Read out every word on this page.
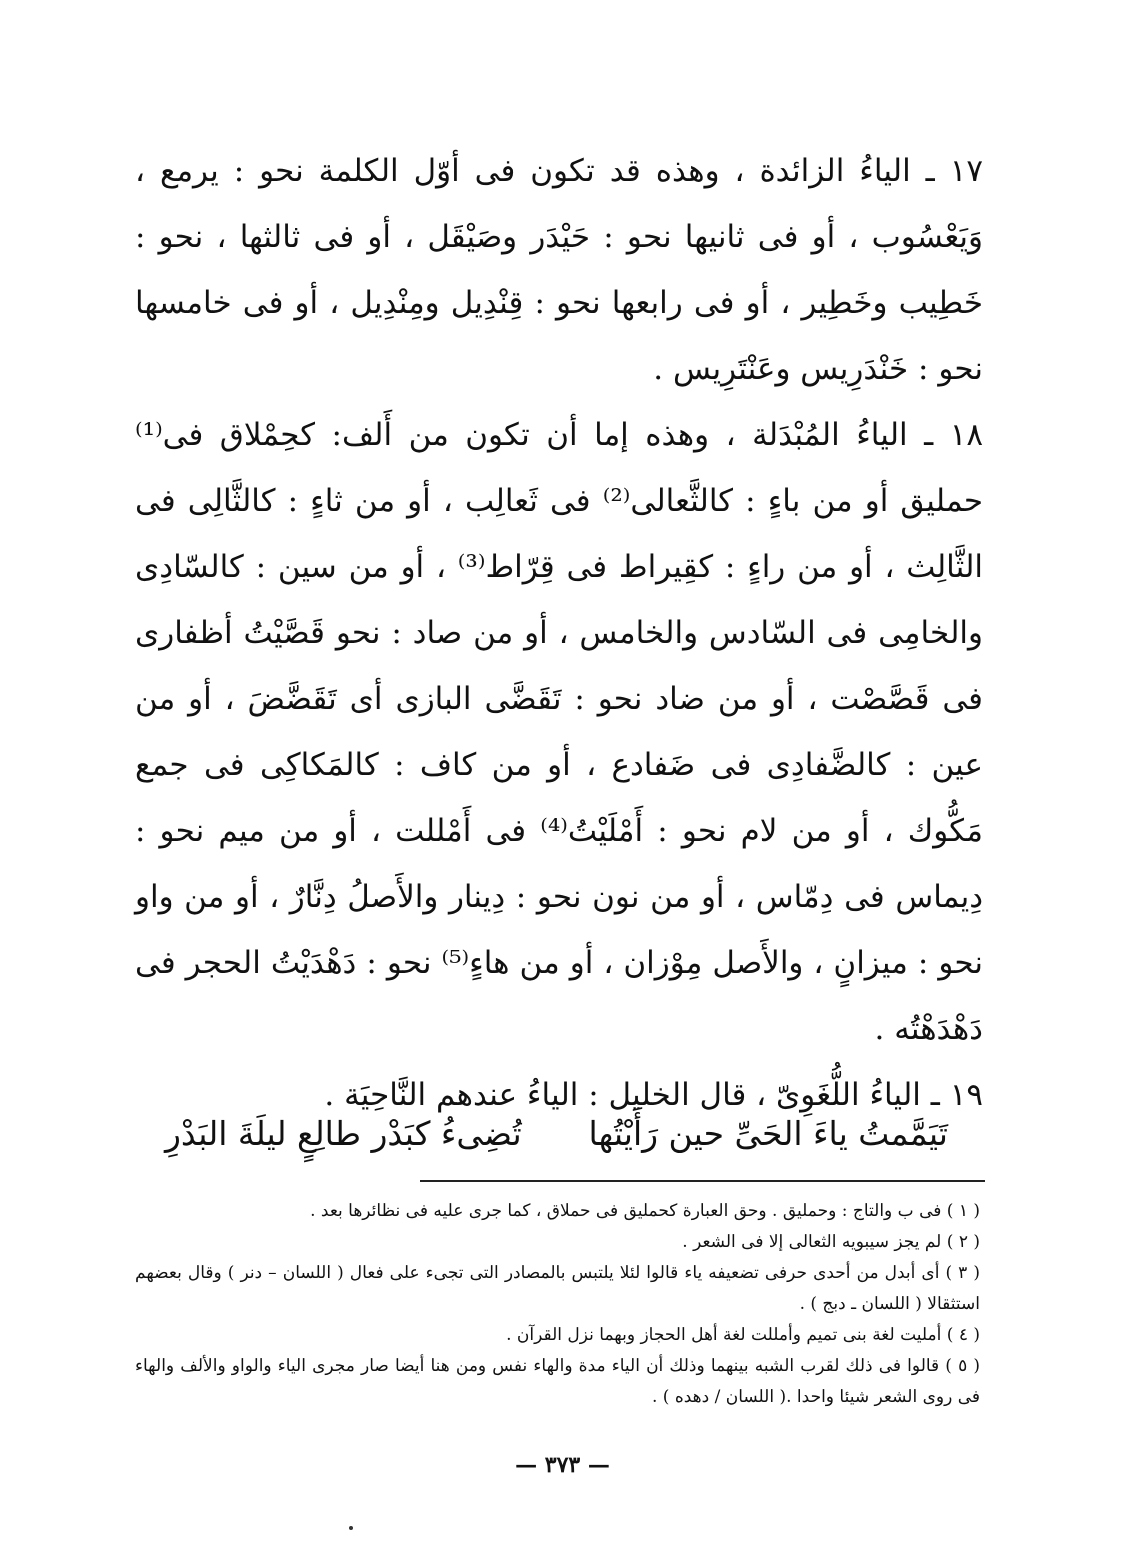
١٧ ـ الياءُ الزائدة ، وهذه قد تكون فى أوّل الكلمة نحو : يرمع ، وَيَعْسُوب ، أو فى ثانيها نحو : حَيْدَر وصَيْقَل ، أو فى ثالثها ، نحو : خَطِيب وخَطِير ، أو فى رابعها نحو : قِنْدِيل ومِنْدِيل ، أو فى خامسها نحو : خَنْدَرِيس وعَنْتَرِيس .

١٨ ـ الياءُ المُبْدَلة ، وهذه إما أن تكون من أَلف: كحِمْلاق فى⁽¹⁾ حمليق أو من باءٍ : كالثَّعالى⁽²⁾ فى ثَعالِب ، أو من ثاءٍ : كالثَّالِى فى الثَّالِث ، أو من راءٍ : كقِيراط فى قِرّاط⁽³⁾ ، أو من سين : كالسّادِى والخامِى فى السّادس والخامس ، أو من صاد : نحو قَصَّيْتُ أظفارى فى قَصَّصْت ، أو من ضاد نحو : تَقَضَّى البازى أى تَقَضَّضَ ، أو من عين : كالضَّفادِى فى ضَفادع ، أو من كاف : كالمَكاكِى فى جمع مَكُّوك ، أو من لام نحو : أَمْلَيْتُ⁽⁴⁾ فى أَمْللت ، أو من ميم نحو : دِيماس فى دِمّاس ، أو من نون نحو : دِينار والأَصلُ دِنَّارٌ ، أو من واو نحو : ميزانٍ ، والأَصل مِوْزان ، أو من هاءٍ⁽⁵⁾ نحو : دَهْدَيْتُ الحجر فى دَهْدَهْتُه .

١٩ ـ الياءُ اللُّغَوِىّ ، قال الخليل : الياءُ عندهم النَّاحِيَة .

تَيَمَّمتُ ياءَ الحَىِّ حين رَأَيْتُها
تُضِىءُ كبَدْر طالِعٍ ليلَةَ البَدْرِ

( ١ ) فى ب والتاج : وحمليق . وحق العبارة كحمليق فى حملاق ، كما جرى عليه فى نظائرها بعد .

( ٢ ) لم يجز سيبويه الثعالى إلا فى الشعر .

( ٣ ) أى أبدل من أحدى حرفى تضعيفه ياء قالوا لئلا يلتبس بالمصادر التى تجىء على فعال ( اللسان – دنر ) وقال بعضهم استثقالا ( اللسان ـ دبج ) .

( ٤ ) أمليت لغة بنى تميم وأمللت لغة أهل الحجاز وبهما نزل القرآن .

( ٥ ) قالوا فى ذلك لقرب الشبه بينهما وذلك أن الياء مدة والهاء نفس ومن هنا أيضا صار مجرى الياء والواو والألف والهاء فى روى الشعر شيئا واحدا .( اللسان / دهده ) .

— ٣٧٣ —
